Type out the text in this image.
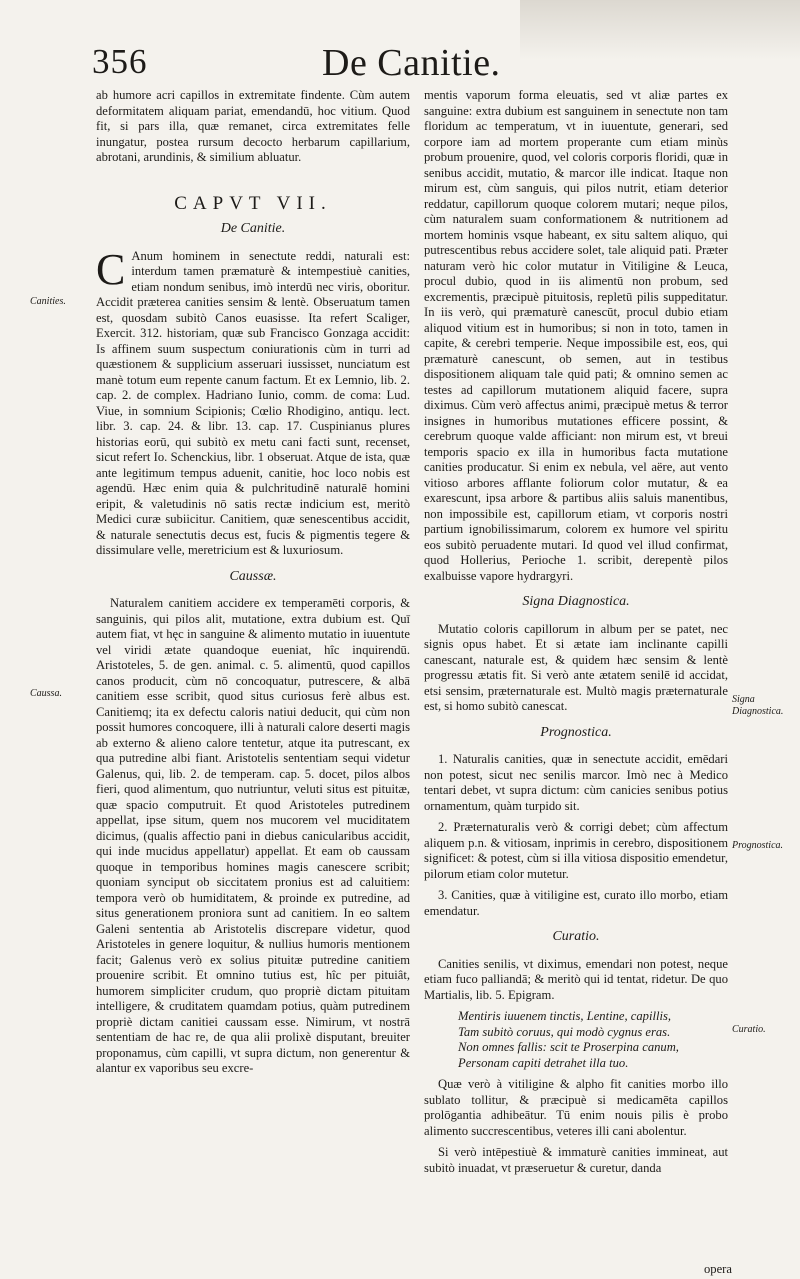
356	De Canitie.

ab humore acri capillos in extremitate findente. Cùm autem deformitatem aliquam pariat, emendandū, hoc vitium. Quod fit, si pars illa, quæ remanet, circa extremitates felle inungatur, postea rursum decocto herbarum capillarium, abrotani, arundinis, & similium abluatur.

CAPVT VII.
De Canitie.

C Anum hominem in senectute reddi, naturali est: interdum tamen præmaturè & intempestiuè canities, etiam nondum senibus, imò interdū nec viris, oboritur. Accidit præterea canities sensim & lentè. Obseruatum tamen est, quosdam subitò Canos euasisse. Ita refert Scaliger, Exercit. 312. historiam, quæ sub Francisco Gonzaga accidit: Is affinem suum suspectum coniurationis cùm in turri ad quæstionem & supplicium asseruari iussisset, nunciatum est manè totum eum repente canum factum. Et ex Lemnio, lib. 2. cap. 2. de complex. Hadriano Iunio, comm. de coma: Lud. Viue, in somnium Scipionis; Cœlio Rhodigino, antiqu. lect. libr. 3. cap. 24. & libr. 13. cap. 17. Cuspinianus plures historias eorū, qui subitò ex metu cani facti sunt, recenset, sicut refert Io. Schenckius, libr. 1 obseruat. Atque de ista, quæ ante legitimum tempus aduenit, canitie, hoc loco nobis est agendū. Hæc enim quia & pulchritudinē naturalē homini eripit, & valetudinis nō satis rectæ indicium est, meritò Medici curæ subiicitur. Canitiem, quæ senescentibus accidit, & naturale senectutis decus est, fucis & pigmentis tegere & dissimulare velle, meretricium est & luxuriosum.

Caussæ.

Naturalem canitiem accidere ex temperamēti corporis, & sanguinis, qui pilos alit, mutatione, extra dubium est. Quī autem fiat, vt hęc in sanguine & alimento mutatio in iuuentute vel viridi ætate quandoque eueniat, hîc inquirendū. Aristoteles, 5. de gen. animal. c. 5. alimentū, quod capillos canos producit, cùm nō concoquatur, putrescere, & albā canitiem esse scribit, quod situs curiosus ferè albus est. Canitiemq; ita ex defectu caloris natiui deducit, qui cùm non possit humores concoquere, illi à naturali calore deserti magis ab externo & alieno calore tentetur, atque ita putrescant, ex qua putredine albi fiant. Aristotelis sententiam sequi videtur Galenus, qui, lib. 2. de temperam. cap. 5. docet, pilos albos fieri, quod alimentum, quo nutriuntur, veluti situs est pituitæ, quæ spacio computruit. Et quod Aristoteles putredinem appellat, ipse situm, quem nos mucorem vel muciditatem dicimus, (qualis affectio pani in diebus canicularibus accidit, qui inde mucidus appellatur) appellat. Et eam ob caussam quoque in temporibus homines magis canescere scribit; quoniam synciput ob siccitatem pronius est ad caluitiem: tempora verò ob humiditatem, & proinde ex putredine, ad situs generationem proniora sunt ad canitiem. In eo saltem Galeni sententia ab Aristotelis discrepare videtur, quod Aristoteles in genere loquitur, & nullius humoris mentionem facit; Galenus verò ex solius pituitæ putredine canitiem prouenire scribit. Et omnino tutius est, hîc per pituiât, humorem simpliciter crudum, quo propriè dictam pituitam intelligere, & cruditatem quamdam potius, quàm putredinem propriè dictam canitiei caussam esse. Nimirum, vt nostrā sententiam de hac re, de qua alii prolixè disputant, breuiter proponamus, cùm capilli, vt supra dictum, non generentur & alantur ex vaporibus seu excre-

mentis vaporum forma eleuatis, sed vt aliæ partes ex sanguine: extra dubium est sanguinem in senectute non tam floridum ac temperatum, vt in iuuentute, generari, sed corpore iam ad mortem properante cum etiam minùs probum prouenire, quod, vel coloris corporis floridi, quæ in senibus accidit, mutatio, & marcor ille indicat. Itaque non mirum est, cùm sanguis, qui pilos nutrit, etiam deterior reddatur, capillorum quoque colorem mutari; neque pilos, cùm naturalem suam conformationem & nutritionem ad mortem hominis vsque habeant, ex situ saltem aliquo, qui putrescentibus rebus accidere solet, tale aliquid pati. Præter naturam verò hic color mutatur in Vitiligine & Leuca, procul dubio, quod in iis alimentū non probum, sed excrementis, præcipuè pituitosis, repletū pilis suppeditatur. In iis verò, qui præmaturè canescūt, procul dubio etiam aliquod vitium est in humoribus; si non in toto, tamen in capite, & cerebri temperie. Neque impossibile est, eos, qui præmaturè canescunt, ob semen, aut in testibus dispositionem aliquam tale quid pati; & omnino semen ac testes ad capillorum mutationem aliquid facere, supra diximus. Cùm verò affectus animi, præcipuè metus & terror insignes in humoribus mutationes efficere possint, & cerebrum quoque valde afficiant: non mirum est, vt breui temporis spacio ex illa in humoribus facta mutatione canities producatur. Si enim ex nebula, vel aëre, aut vento vitioso arbores afflante foliorum color mutatur, & ea exarescunt, ipsa arbore & partibus aliis saluis manentibus, non impossibile est, capillorum etiam, vt corporis nostri partium ignobilissimarum, colorem ex humore vel spiritu eos subitò peruadente mutari. Id quod vel illud confirmat, quod Hollerius, Perioche 1. scribit, derepentè pilos exalbuisse vapore hydrargyri.

Signa Diagnostica.

Mutatio coloris capillorum in album per se patet, nec signis opus habet. Et si ætate iam inclinante capilli canescant, naturale est, & quidem hæc sensim & lentè progressu ætatis fit. Si verò ante ætatem senilē id accidat, etsi sensim, præternaturale est. Multò magis præternaturale est, si homo subitò canescat.

Prognostica.

1. Naturalis canities, quæ in senectute accidit, emēdari non potest, sicut nec senilis marcor. Imò nec à Medico tentari debet, vt supra dictum: cùm canicies senibus potius ornamentum, quàm turpido sit.

2. Præternaturalis verò & corrigi debet; cùm affectum aliquem p.n. & vitiosam, inprimis in cerebro, dispositionem significet: & potest, cùm si illa vitiosa dispositio emendetur, pilorum etiam color mutetur.

3. Canities, quæ à vitiligine est, curato illo morbo, etiam emendatur.

Curatio.

Canities senilis, vt diximus, emendari non potest, neque etiam fuco palliandā; & meritò qui id tentat, ridetur. De quo Martialis, lib. 5. Epigram.

Mentiris iuuenem tinctis, Lentine, capillis,
Tam subitò coruus, qui modò cygnus eras.
Non omnes fallis: scit te Proserpina canum,
Personam capiti detrahet illa tuo.

Quæ verò à vitiligine & alpho fit canities morbo illo sublato tollitur, & præcipuè si medicamēta capillos prolōgantia adhibeātur. Tū enim nouis pilis è probo alimento succrescentibus, veteres illi cani abolentur.

Si verò intēpestiuè & immaturè canities immineat, aut subitò inuadat, vt præseruetur & curetur, danda

Canities.
Caussa.
Signa Diagnostica.
Prognostica.
Curatio.
opera
